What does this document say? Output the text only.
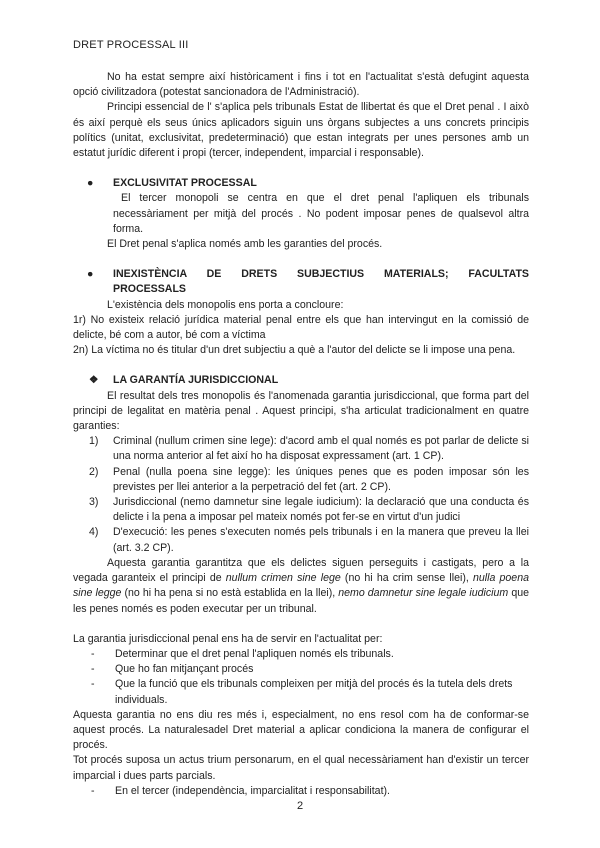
DRET PROCESSAL III

No ha estat sempre així històricament i fins i tot en l'actualitat s'està defugint aquesta opció civilitzadora (potestat sancionadora de l'Administració).

Principi essencial de l' s'aplica pels tribunals Estat de llibertat és que el Dret penal . I això és així perquè els seus únics aplicadors siguin uns òrgans subjectes a uns concrets principis polítics (unitat, exclusivitat, predeterminació) que estan integrats per unes persones amb un estatut jurídic diferent i propi (tercer, independent, imparcial i responsable).

●	EXCLUSIVITAT PROCESSAL

El tercer monopoli se centra en que el dret penal l'apliquen els tribunals necessàriament per mitjà del procés . No podent imposar penes de qualsevol altra forma.

El Dret penal s'aplica només amb les garanties del procés.

●	INEXISTÈNCIA DE DRETS SUBJECTIUS MATERIALS; FACULTATS

PROCESSALS

L'existència dels monopolis ens porta a concloure:

1r) No existeix relació jurídica material penal entre els que han intervingut en la comissió de delicte, bé com a autor, bé com a víctima

2n) La víctima no és titular d'un dret subjectiu a què a l'autor del delicte se li impose una pena.

❖	LA GARANTÍA JURISDICCIONAL

El resultat dels tres monopolis és l'anomenada garantia jurisdiccional, que forma part del principi de legalitat en matèria penal . Aquest principi, s'ha articulat tradicionalment en quatre garanties:

1)	Criminal (nullum crimen sine lege): d'acord amb el qual només es pot parlar de delicte si una norma anterior al fet així ho ha disposat expressament (art. 1 CP).
2)	Penal (nulla poena sine legge): les úniques penes que es poden imposar són les previstes per llei anterior a la perpetració del fet (art. 2 CP).
3)	Jurisdiccional (nemo damnetur sine legale iudicium): la declaració que una conducta és delicte i la pena a imposar pel mateix només pot fer-se en virtut d'un judici
4)	D'execució: les penes s'executen només pels tribunals i en la manera que preveu la llei (art. 3.2 CP).

Aquesta garantia garantitza que els delictes siguen perseguits i castigats, pero a la vegada garanteix el principi de nullum crimen sine lege (no hi ha crim sense llei), nulla poena sine legge (no hi ha pena si no està establida en la llei), nemo damnetur sine legale iudicium que les penes només es poden executar per un tribunal.

La garantia jurisdiccional penal ens ha de servir en l'actualitat per:

-	Determinar que el dret penal l'apliquen només els tribunals.
-	Que ho fan mitjançant procés
-	Que la funció que els tribunals compleixen per mitjà del procés és la tutela dels drets individuals.

Aquesta garantia no ens diu res més i, especialment, no ens resol com ha de conformar-se aquest procés. La naturalesadel Dret material a aplicar condiciona la manera de configurar el procés.

Tot procés suposa un actus trium personarum, en el qual necessàriament han d'existir un tercer imparcial i dues parts parcials.

-	En el tercer (independència, imparcialitat i responsabilitat).
2
